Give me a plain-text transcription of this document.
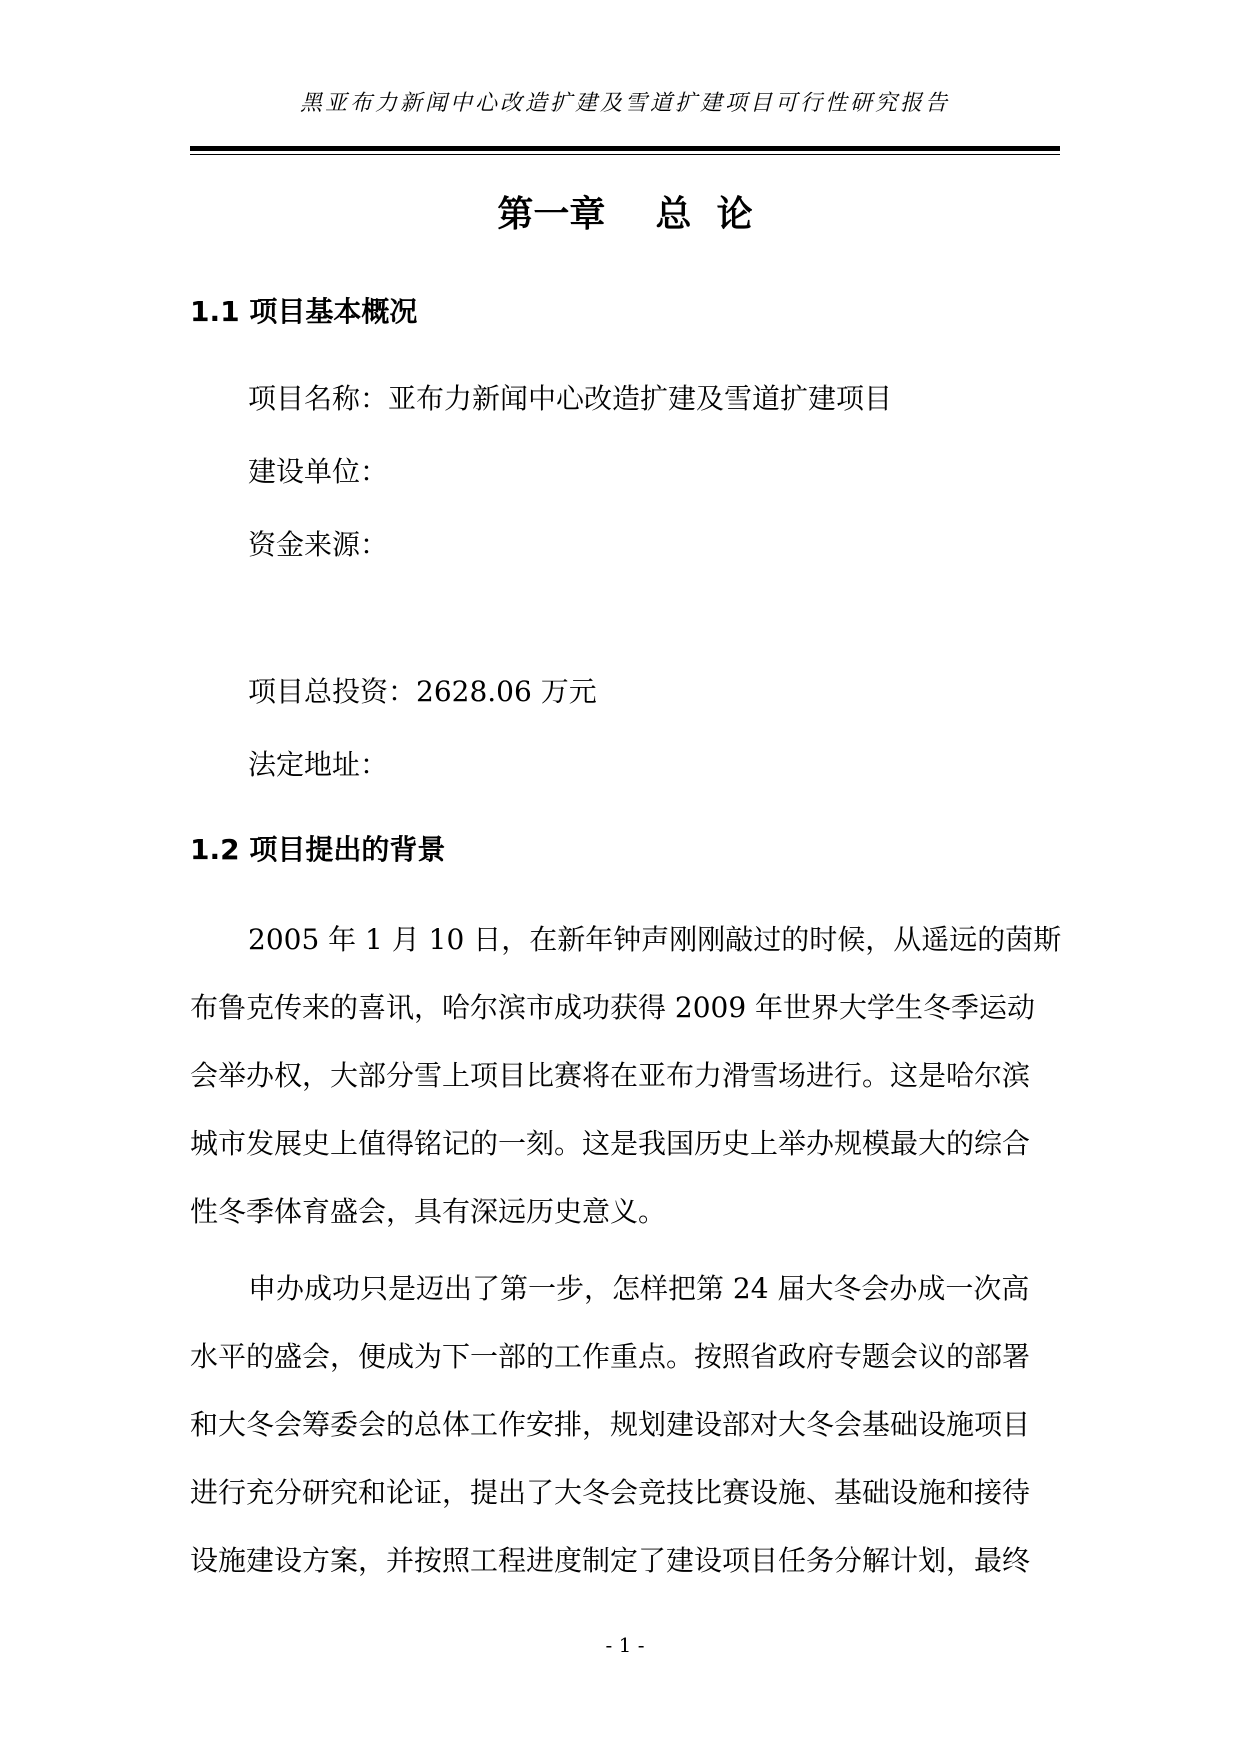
黑亚布力新闻中心改造扩建及雪道扩建项目可行性研究报告
第一章    总  论
1.1 项目基本概况
项目名称：亚布力新闻中心改造扩建及雪道扩建项目
建设单位：
资金来源：
项目总投资：2628.06 万元
法定地址：
1.2 项目提出的背景
2005 年 1 月 10 日，在新年钟声刚刚敲过的时候，从遥远的茵斯
布鲁克传来的喜讯，哈尔滨市成功获得 2009 年世界大学生冬季运动
会举办权，大部分雪上项目比赛将在亚布力滑雪场进行。这是哈尔滨
城市发展史上值得铭记的一刻。这是我国历史上举办规模最大的综合
性冬季体育盛会，具有深远历史意义。
申办成功只是迈出了第一步，怎样把第 24 届大冬会办成一次高
水平的盛会，便成为下一部的工作重点。按照省政府专题会议的部署
和大冬会筹委会的总体工作安排，规划建设部对大冬会基础设施项目
进行充分研究和论证，提出了大冬会竞技比赛设施、基础设施和接待
设施建设方案，并按照工程进度制定了建设项目任务分解计划，最终
- 1 -
